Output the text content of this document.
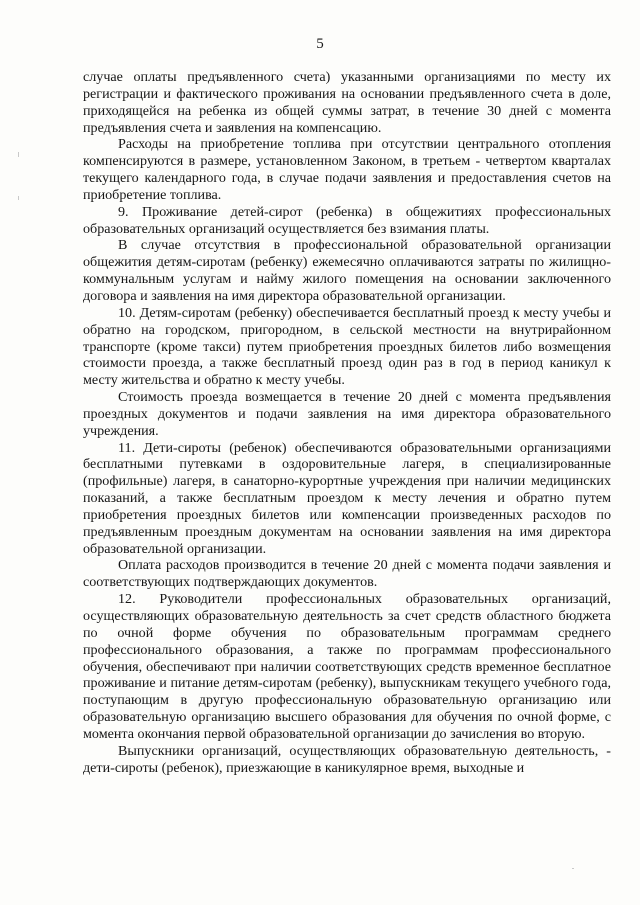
5

случае оплаты предъявленного счета) указанными организациями по месту их регистрации и фактического проживания на основании предъявленного счета в доле, приходящейся на ребенка из общей суммы затрат, в течение 30 дней с момента предъявления счета и заявления на компенсацию.

Расходы на приобретение топлива при отсутствии центрального отопления компенсируются в размере, установленном Законом, в третьем - четвертом кварталах текущего календарного года, в случае подачи заявления и предоставления счетов на приобретение топлива.

9. Проживание детей-сирот (ребенка) в общежитиях профессиональных образовательных организаций осуществляется без взимания платы.

В случае отсутствия в профессиональной образовательной организации общежития детям-сиротам (ребенку) ежемесячно оплачиваются затраты по жилищно-коммунальным услугам и найму жилого помещения на основании заключенного договора и заявления на имя директора образовательной организации.

10. Детям-сиротам (ребенку) обеспечивается бесплатный проезд к месту учебы и обратно на городском, пригородном, в сельской местности на внутрирайонном транспорте (кроме такси) путем приобретения проездных билетов либо возмещения стоимости проезда, а также бесплатный проезд один раз в год в период каникул к месту жительства и обратно к месту учебы.

Стоимость проезда возмещается в течение 20 дней с момента предъявления проездных документов и подачи заявления на имя директора образовательного учреждения.

11. Дети-сироты (ребенок) обеспечиваются образовательными организациями бесплатными путевками в оздоровительные лагеря, в специализированные (профильные) лагеря, в санаторно-курортные учреждения при наличии медицинских показаний, а также бесплатным проездом к месту лечения и обратно путем приобретения проездных билетов или компенсации произведенных расходов по предъявленным проездным документам на основании заявления на имя директора образовательной организации.

Оплата расходов производится в течение 20 дней с момента подачи заявления и соответствующих подтверждающих документов.

12. Руководители профессиональных образовательных организаций, осуществляющих образовательную деятельность за счет средств областного бюджета по очной форме обучения по образовательным программам среднего профессионального образования, а также по программам профессионального обучения, обеспечивают при наличии соответствующих средств временное бесплатное проживание и питание детям-сиротам (ребенку), выпускникам текущего учебного года, поступающим в другую профессиональную образовательную организацию или образовательную организацию высшего образования для обучения по очной форме, с момента окончания первой образовательной организации до зачисления во вторую.

Выпускники организаций, осуществляющих образовательную деятельность, - дети-сироты (ребенок), приезжающие в каникулярное время, выходные и
